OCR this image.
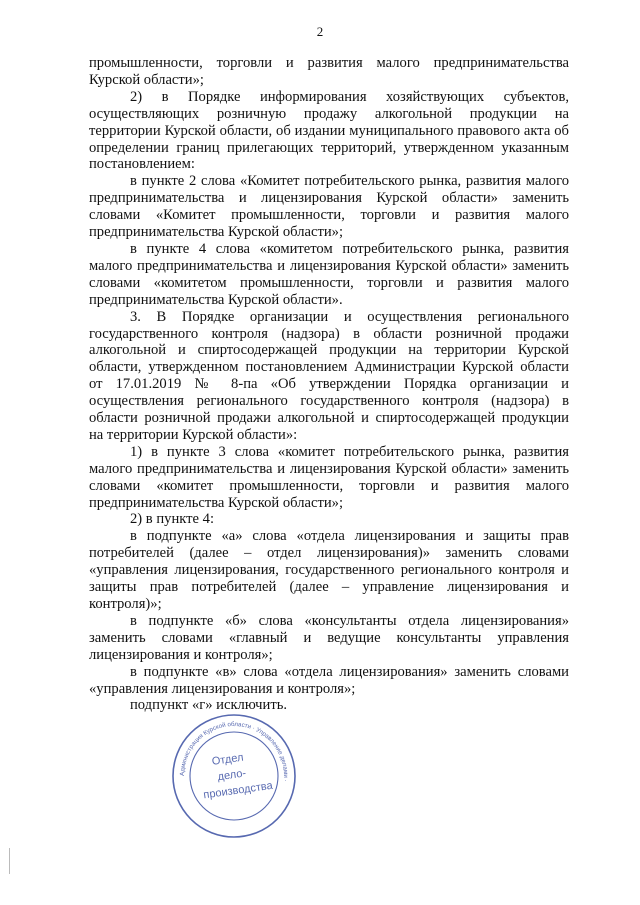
2

промышленности, торговли и развития малого предпринимательства Курской области»;

2) в Порядке информирования хозяйствующих субъектов, осуществляющих розничную продажу алкогольной продукции на территории Курской области, об издании муниципального правового акта об определении границ прилегающих территорий, утвержденном указанным постановлением:

в пункте 2 слова «Комитет потребительского рынка, развития малого предпринимательства и лицензирования Курской области» заменить словами «Комитет промышленности, торговли и развития малого предпринимательства Курской области»;

в пункте 4 слова «комитетом потребительского рынка, развития малого предпринимательства и лицензирования Курской области» заменить словами «комитетом промышленности, торговли и развития малого предпринимательства Курской области».

3. В Порядке организации и осуществления регионального государственного контроля (надзора) в области розничной продажи алкогольной и спиртосодержащей продукции на территории Курской области, утвержденном постановлением Администрации Курской области от 17.01.2019 № 8-па «Об утверждении Порядка организации и осуществления регионального государственного контроля (надзора) в области розничной продажи алкогольной и спиртосодержащей продукции на территории Курской области»:

1) в пункте 3 слова «комитет потребительского рынка, развития малого предпринимательства и лицензирования Курской области» заменить словами «комитет промышленности, торговли и развития малого предпринимательства Курской области»;

2) в пункте 4:

в подпункте «а» слова «отдела лицензирования и защиты прав потребителей (далее – отдел лицензирования)» заменить словами «управления лицензирования, государственного регионального контроля и защиты прав потребителей (далее – управление лицензирования и контроля)»;

в подпункте «б» слова «консультанты отдела лицензирования» заменить словами «главный и ведущие консультанты управления лицензирования и контроля»;

в подпункте «в» слова «отдела лицензирования» заменить словами «управления лицензирования и контроля»;

подпункт «г» исключить.

Администрация Курской области · Управление делами ·
Отдел
дело-
производства
